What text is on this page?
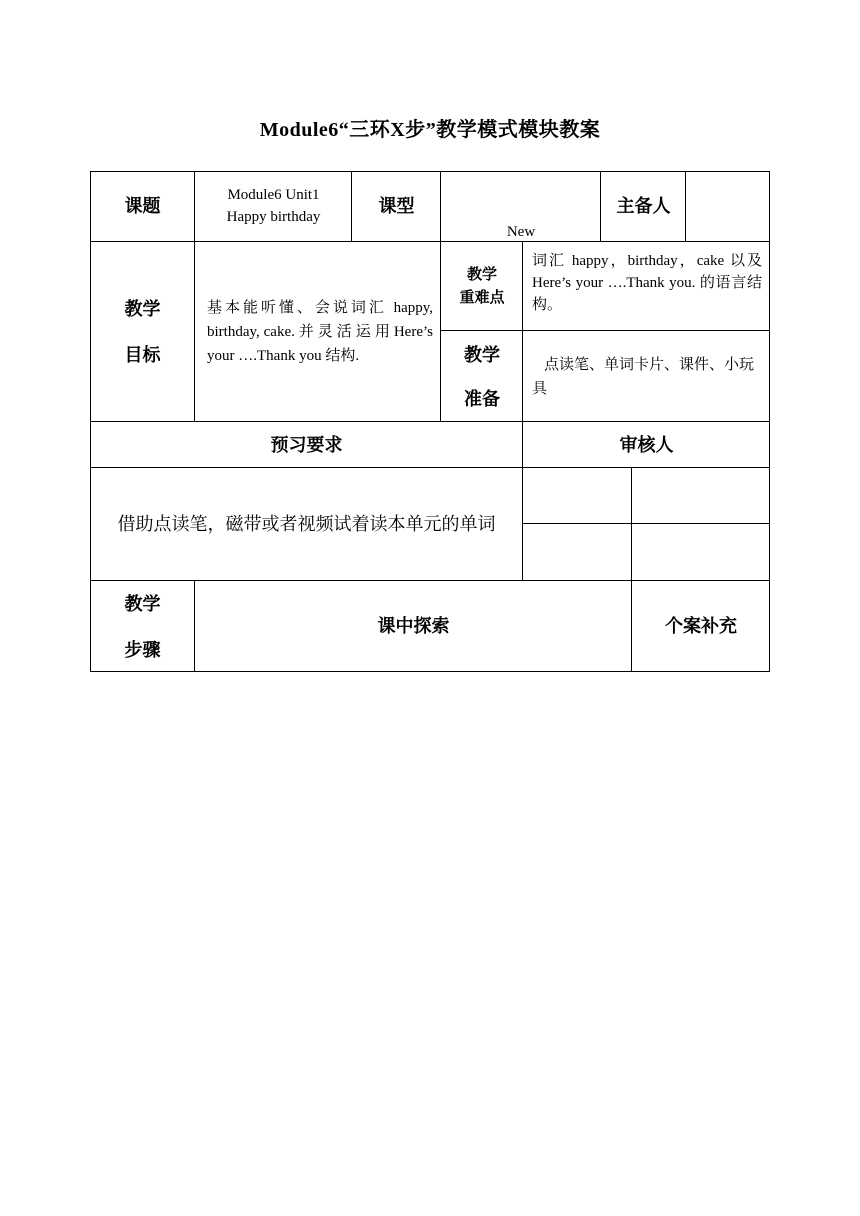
Module6“三环X步”教学模式模块教案
课题
Module6 Unit1
Happy birthday
课型
New
主备人
教学
目标
基本能听懂、会说词汇 happy, birthday, cake. 并 灵 活 运 用 Here’s your ….Thank you 结构.
教学
重难点
词汇 happy，birthday，cake 以及 Here’s your ….Thank you. 的语言结构。
教学
准备
点读笔、单词卡片、课件、小玩具
预习要求	审核人
借助点读笔，磁带或者视频试着读本单元的单词
教学
步骤
课中探索	个案补充
